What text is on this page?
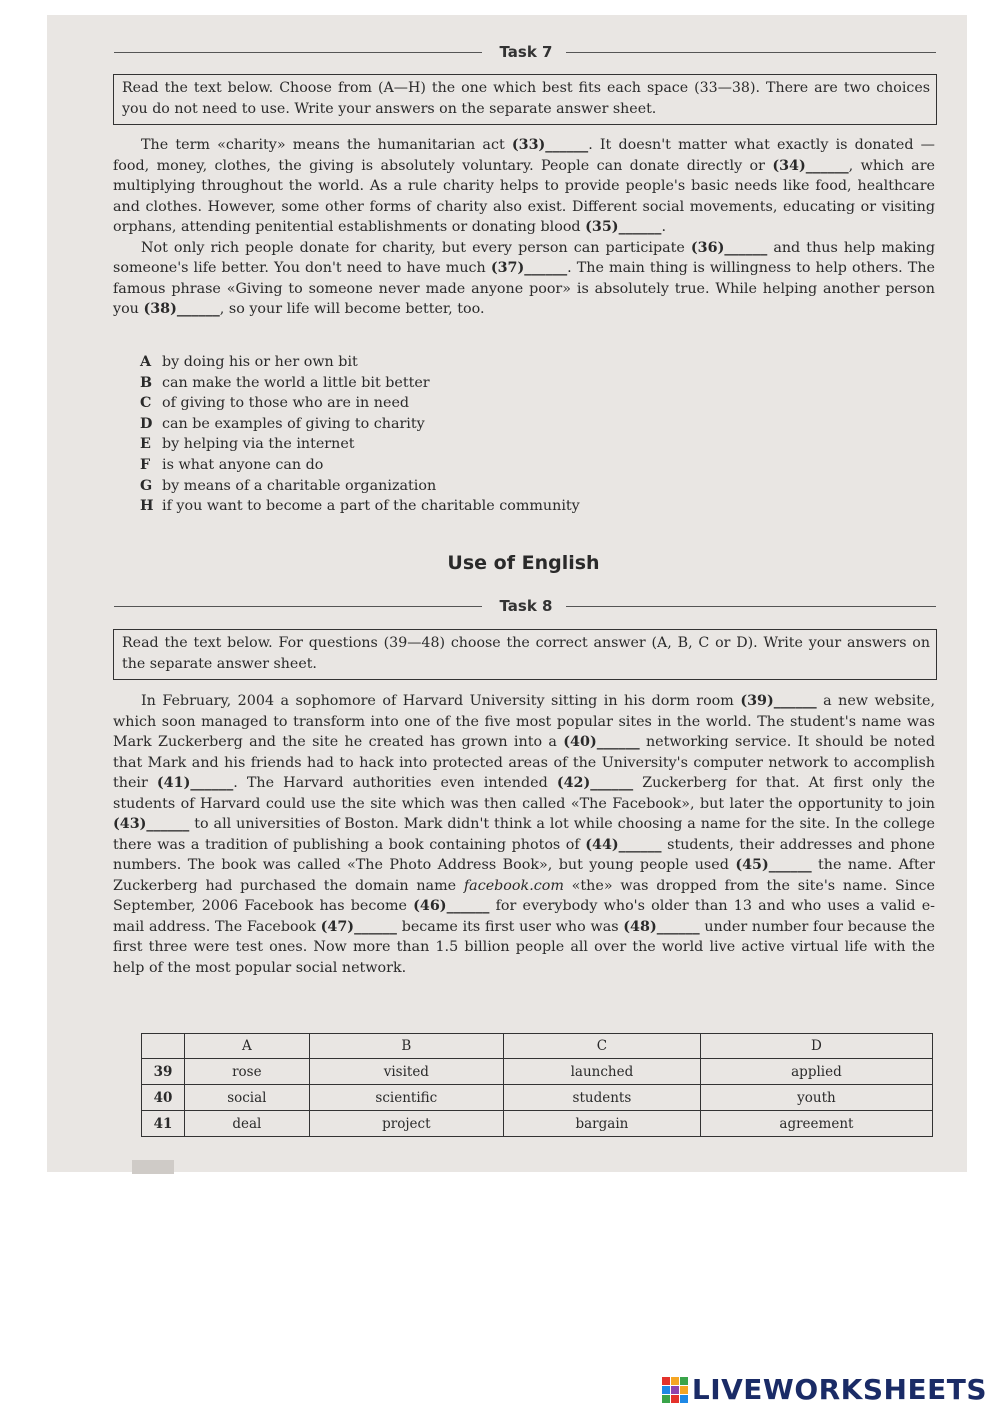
Task 7
Read the text below. Choose from (A—H) the one which best fits each space (33—38). There are two choices you do not need to use. Write your answers on the separate answer sheet.

The term «charity» means the humanitarian act (33)______. It doesn't matter what exactly is donated — food, money, clothes, the giving is absolutely voluntary. People can donate directly or (34)______, which are multiplying throughout the world. As a rule charity helps to provide people's basic needs like food, healthcare and clothes. However, some other forms of charity also exist. Different social movements, educating or visiting orphans, attending penitential establishments or donating blood (35)______.

Not only rich people donate for charity, but every person can participate (36)______ and thus help making someone's life better. You don't need to have much (37)______. The main thing is willingness to help others. The famous phrase «Giving to someone never made anyone poor» is absolutely true. While helping another person you (38)______, so your life will become better, too.

A by doing his or her own bit
B can make the world a little bit better
C of giving to those who are in need
D can be examples of giving to charity
E by helping via the internet
F is what anyone can do
G by means of a charitable organization
H if you want to become a part of the charitable community
Use of English
Task 8
Read the text below. For questions (39—48) choose the correct answer (A, B, C or D). Write your answers on the separate answer sheet.

In February, 2004 a sophomore of Harvard University sitting in his dorm room (39)______ a new website, which soon managed to transform into one of the five most popular sites in the world. The student's name was Mark Zuckerberg and the site he created has grown into a (40)______ networking service. It should be noted that Mark and his friends had to hack into protected areas of the University's computer network to accomplish their (41)______. The Harvard authorities even intended (42)______ Zuckerberg for that. At first only the students of Harvard could use the site which was then called «The Facebook», but later the opportunity to join (43)______ to all universities of Boston. Mark didn't think a lot while choosing a name for the site. In the college there was a tradition of publishing a book containing photos of (44)______ students, their addresses and phone numbers. The book was called «The Photo Address Book», but young people used (45)______ the name. After Zuckerberg had purchased the domain name facebook.com «the» was dropped from the site's name. Since September, 2006 Facebook has become (46)______ for everybody who's older than 13 and who uses a valid e-mail address. The Facebook (47)______ became its first user who was (48)______ under number four because the first three were test ones. Now more than 1.5 billion people all over the world live active virtual life with the help of the most popular social network.

	A	B	C	D
39	rose	visited	launched	applied
40	social	scientific	students	youth
41	deal	project	bargain	agreement
LIVEWORKSHEETS
